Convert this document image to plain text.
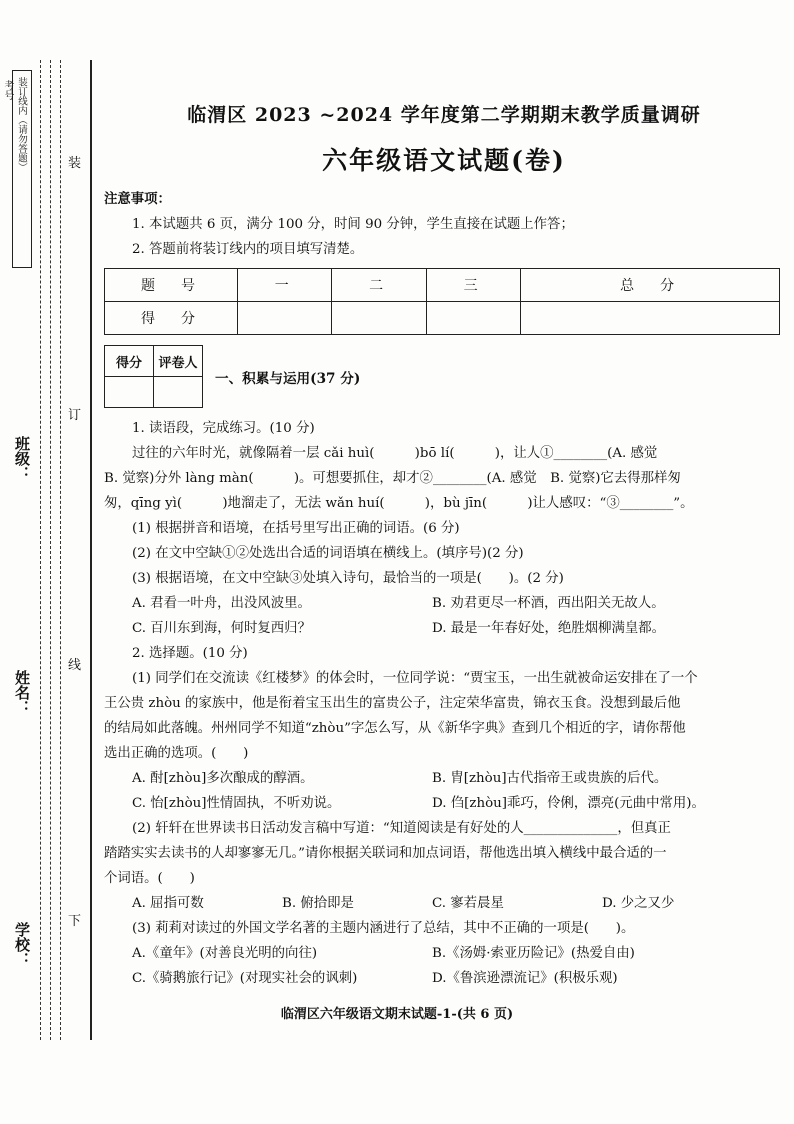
装订线内（请勿答题）
考号
班级：
姓名：
学校：
装
订
线
下
临渭区 2023 ~2024 学年度第二学期期末教学质量调研
六年级语文试题(卷)
注意事项：
1. 本试题共 6 页，满分 100 分，时间 90 分钟，学生直接在试题上作答；
2. 答题前将装订线内的项目填写清楚。
题　号	一	二	三	总　分
得　分				
得分	评卷人

一、积累与运用(37 分)
1. 读语段，完成练习。(10 分)
过往的六年时光，就像隔着一层 cǎi huì(　　　)bō lí(　　　)，让人①________(A. 感觉
B. 觉察)分外 làng màn(　　　)。可想要抓住，却才②________(A. 感觉　B. 觉察)它去得那样匆
匆，qīng yì(　　　)地溜走了，无法 wǎn huí(　　　)，bù jīn(　　　)让人感叹：“③________”。
(1) 根据拼音和语境，在括号里写出正确的词语。(6 分)
(2) 在文中空缺①②处选出合适的词语填在横线上。(填序号)(2 分)
(3) 根据语境，在文中空缺③处填入诗句，最恰当的一项是(　　)。(2 分)
A. 君看一叶舟，出没风波里。	B. 劝君更尽一杯酒，西出阳关无故人。
C. 百川东到海，何时复西归？	D. 最是一年春好处，绝胜烟柳满皇都。
2. 选择题。(10 分)
(1) 同学们在交流读《红楼梦》的体会时，一位同学说：“贾宝玉，一出生就被命运安排在了一个
王公贵 zhòu 的家族中，他是衔着宝玉出生的富贵公子，注定荣华富贵，锦衣玉食。没想到最后他
的结局如此落魄。州州同学不知道“zhòu”字怎么写，从《新华字典》查到几个相近的字，请你帮他
选出正确的选项。(　　)
A. 酎[zhòu]多次酿成的醇酒。	B. 胄[zhòu]古代指帝王或贵族的后代。
C. 怡[zhòu]性情固执，不听劝说。	D. 㑇[zhòu]乖巧，伶俐，漂亮(元曲中常用)。
(2) 轩轩在世界读书日活动发言稿中写道：“知道阅读是有好处的人______________，但真正
踏踏实实去读书的人却寥寥无几。”请你根据关联词和加点词语，帮他选出填入横线中最合适的一
个词语。(　　)
A. 屈指可数	B. 俯拾即是	C. 寥若晨星	D. 少之又少
(3) 莉莉对读过的外国文学名著的主题内涵进行了总结，其中不正确的一项是(　　)。
A.《童年》(对善良光明的向往)	B.《汤姆·索亚历险记》(热爱自由)
C.《骑鹅旅行记》(对现实社会的讽刺)	D.《鲁滨逊漂流记》(积极乐观)
临渭区六年级语文期末试题-1-(共 6 页)
